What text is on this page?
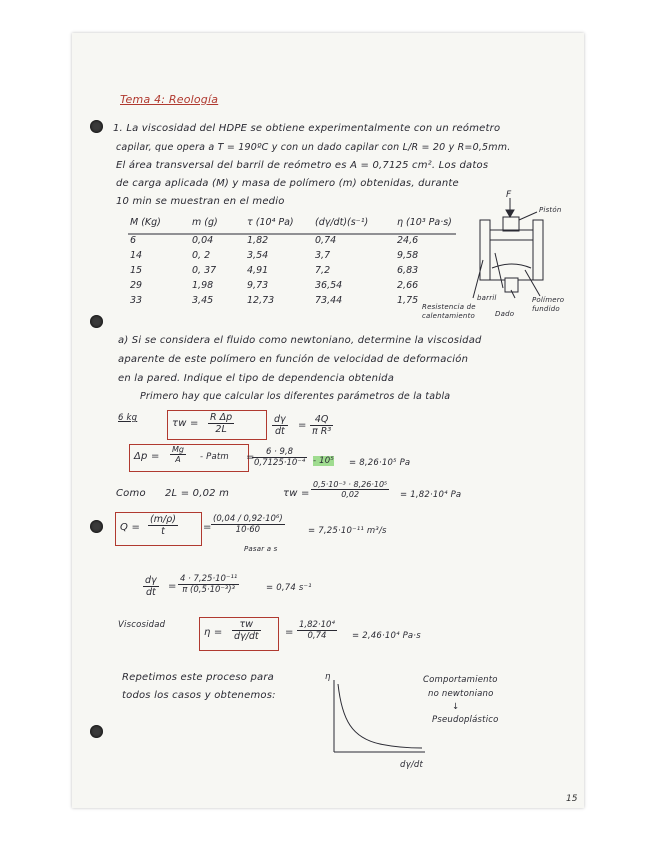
Tema 4: Reología
1. La viscosidad del HDPE se obtiene experimentalmente con un reómetro
capilar, que opera a T = 190ºC y con un dado capilar con L/R = 20 y R=0,5mm.
El área transversal del barril de reómetro es A = 0,7125 cm². Los datos
de carga aplicada (M) y masa de polímero (m) obtenidas, durante
10 min se muestran en el medio
M (Kg)	m (g)	τ (10⁴ Pa)	(dγ/dt)(s⁻¹)	η (10³ Pa·s)
6	0,04	1,82	0,74	24,6
14	0, 2	3,54	3,7	9,58
15	0, 37	4,91	7,2	6,83
29	1,98	9,73	36,54	2,66
33	3,45	12,73	73,44	1,75
F
Pistón
barril
Dado
Resistencia de calentamiento
Polímero fundido
a) Si se considera el fluido como newtoniano, determine la viscosidad
aparente de este polímero en función de velocidad de deformación
en la pared. Indique el tipo de dependencia obtenida
Primero hay que calcular los diferentes parámetros de la tabla
6 kg	$\tau w = \frac{\text{R Δp}}{2L}$	$\frac{d\gamma}{dt} = \frac{4Q}{\text{π R³}}$
$\Delta p = \frac{Mg}{A}$ - Patm =
$\frac{6 \cdot 9,8}{\text{0,7125·10⁻⁴}} - 10^5 = 8,26\cdot 10^5$ Pa
Como 2L = 0,02 m	$\tau w = \frac{\text{0,5·10⁻³ · 8,26·10⁵}}{0,02} = 1,82\cdot 10^4$ Pa
$Q = \frac{(m/\rho)}{t}$	= $\frac{\text{(0,04 / 0,92·10⁶)}}{10\cdot 60}$
Pasar a s
= 7,25·10⁻¹¹ m³/s
$\frac{d\gamma}{dt} = \frac{\text{4 · 7,25·10⁻¹¹}}{\text{π (0,5·10⁻³)³}}$	= 0,74 s⁻¹
Viscosidad
$\eta = \frac{\tau w}{d\gamma/dt} = \frac{\text{1,82·10⁴}}{0,74} = 2,46\cdot 10^4$ Pa·s
Repetimos este proceso para
todos los casos y obtenemos:
η
dγ/dt
Comportamiento
no newtoniano
↓
Pseudoplástico
15
